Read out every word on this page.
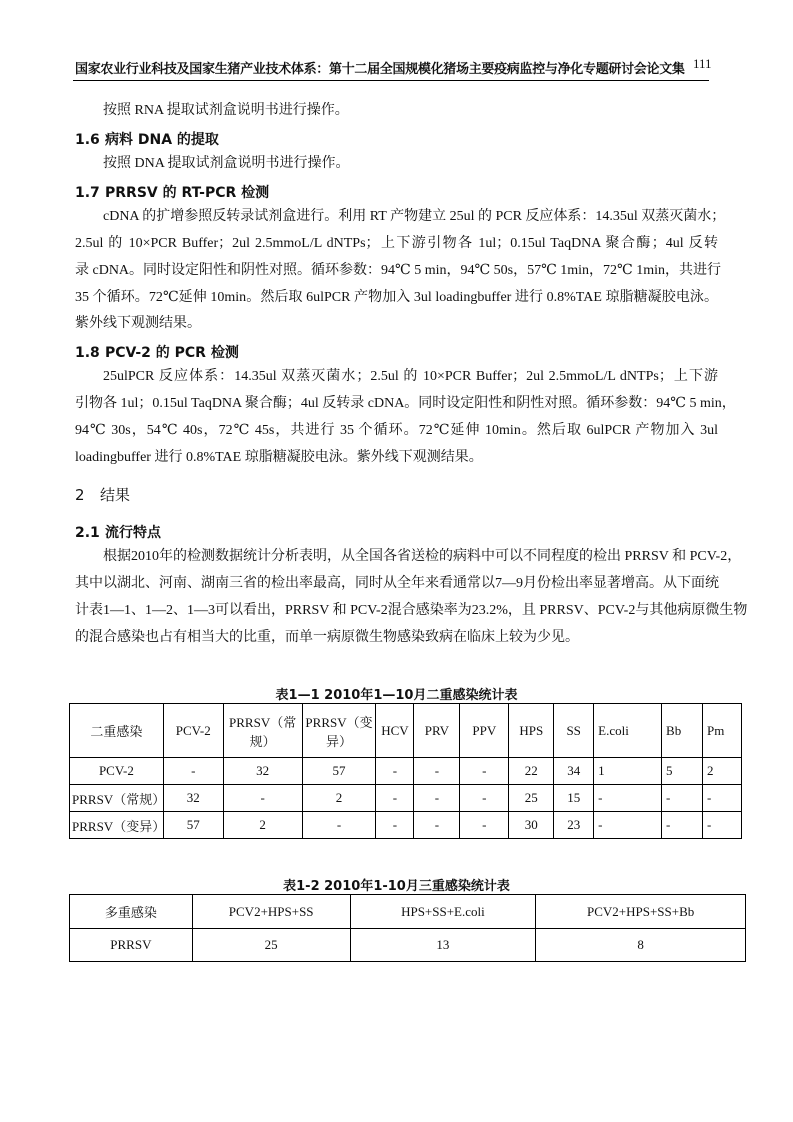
国家农业行业科技及国家生猪产业技术体系：第十二届全国规模化猪场主要疫病监控与净化专题研讨会论文集 111
按照 RNA 提取试剂盒说明书进行操作。
1.6 病料 DNA 的提取
按照 DNA 提取试剂盒说明书进行操作。
1.7 PRRSV 的 RT-PCR 检测
cDNA 的扩增参照反转录试剂盒进行。利用 RT 产物建立 25ul 的 PCR 反应体系：14.35ul 双蒸灭菌水；
2.5ul 的 10×PCR Buffer；2ul 2.5mmoL/L dNTPs；上下游引物各 1ul；0.15ul TaqDNA 聚合酶；4ul 反转
录 cDNA。同时设定阳性和阴性对照。循环参数：94℃ 5 min，94℃ 50s，57℃ 1min，72℃ 1min，共进行
35 个循环。72℃延伸 10min。然后取 6ulPCR 产物加入 3ul loadingbuffer 进行 0.8%TAE 琼脂糖凝胶电泳。
紫外线下观测结果。
1.8 PCV-2 的 PCR 检测
25ulPCR 反应体系：14.35ul 双蒸灭菌水；2.5ul 的 10×PCR Buffer；2ul 2.5mmoL/L dNTPs；上下游
引物各 1ul；0.15ul TaqDNA 聚合酶；4ul 反转录 cDNA。同时设定阳性和阴性对照。循环参数：94℃ 5 min，
94℃ 30s，54℃ 40s，72℃ 45s，共进行 35 个循环。72℃延伸 10min。然后取 6ulPCR 产物加入 3ul
loadingbuffer 进行 0.8%TAE 琼脂糖凝胶电泳。紫外线下观测结果。
2 结果
2.1 流行特点
根据2010年的检测数据统计分析表明，从全国各省送检的病料中可以不同程度的检出 PRRSV 和 PCV-2，
其中以湖北、河南、湖南三省的检出率最高，同时从全年来看通常以7—9月份检出率显著增高。从下面统
计表1—1、1—2、1—3可以看出，PRRSV 和 PCV-2混合感染率为23.2%，且 PRRSV、PCV-2与其他病原微生物
的混合感染也占有相当大的比重，而单一病原微生物感染致病在临床上较为少见。
表1—1 2010年1—10月二重感染统计表
二重感染	PCV-2	PRRSV（常规）	PRRSV（变异）	HCV	PRV	PPV	HPS	SS	E.coli	Bb	Pm
PCV-2	-	32	57	-	-	-	22	34	1	5	2
PRRSV（常规）	32	-	2	-	-	-	25	15	-	-	-
PRRSV（变异）	57	2	-	-	-	-	30	23	-	-	-
表1-2 2010年1-10月三重感染统计表
多重感染	PCV2+HPS+SS	HPS+SS+E.coli	PCV2+HPS+SS+Bb
PRRSV	25	13	8
